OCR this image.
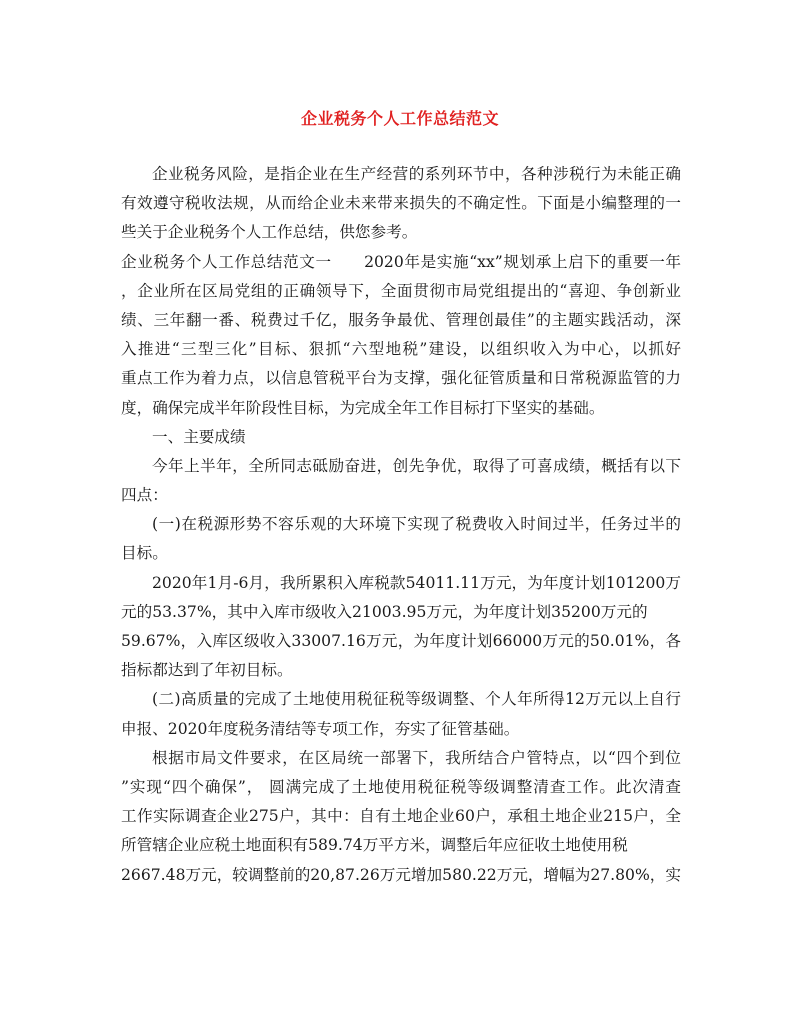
企业税务个人工作总结范文
企业税务风险，是指企业在生产经营的系列环节中，各种涉税行为未能正确
有效遵守税收法规，从而给企业未来带来损失的不确定性。下面是小编整理的一
些关于企业税务个人工作总结，供您参考。
企业税务个人工作总结范文一　　2020年是实施“xx”规划承上启下的重要一年
，企业所在区局党组的正确领导下，全面贯彻市局党组提出的“喜迎、争创新业
绩、三年翻一番、税费过千亿，服务争最优、管理创最佳”的主题实践活动，深
入推进“三型三化”目标、狠抓“六型地税”建设，以组织收入为中心，以抓好
重点工作为着力点，以信息管税平台为支撑，强化征管质量和日常税源监管的力
度，确保完成半年阶段性目标，为完成全年工作目标打下坚实的基础。
一、主要成绩
今年上半年，全所同志砥励奋进，创先争优，取得了可喜成绩，概括有以下
四点：
(一)在税源形势不容乐观的大环境下实现了税费收入时间过半，任务过半的
目标。
2020年1月-6月，我所累积入库税款54011.11万元，为年度计划101200万
元的53.37%，其中入库市级收入21003.95万元，为年度计划35200万元的
59.67%，入库区级收入33007.16万元，为年度计划66000万元的50.01%，各
指标都达到了年初目标。
(二)高质量的完成了土地使用税征税等级调整、个人年所得12万元以上自行
申报、2020年度税务清结等专项工作，夯实了征管基础。
根据市局文件要求，在区局统一部署下，我所结合户管特点，以“四个到位
”实现“四个确保”， 圆满完成了土地使用税征税等级调整清查工作。此次清查
工作实际调查企业275户，其中：自有土地企业60户，承租土地企业215户，全
所管辖企业应税土地面积有589.74万平方米，调整后年应征收土地使用税
2667.48万元，较调整前的20,87.26万元增加580.22万元，增幅为27.80%，实
